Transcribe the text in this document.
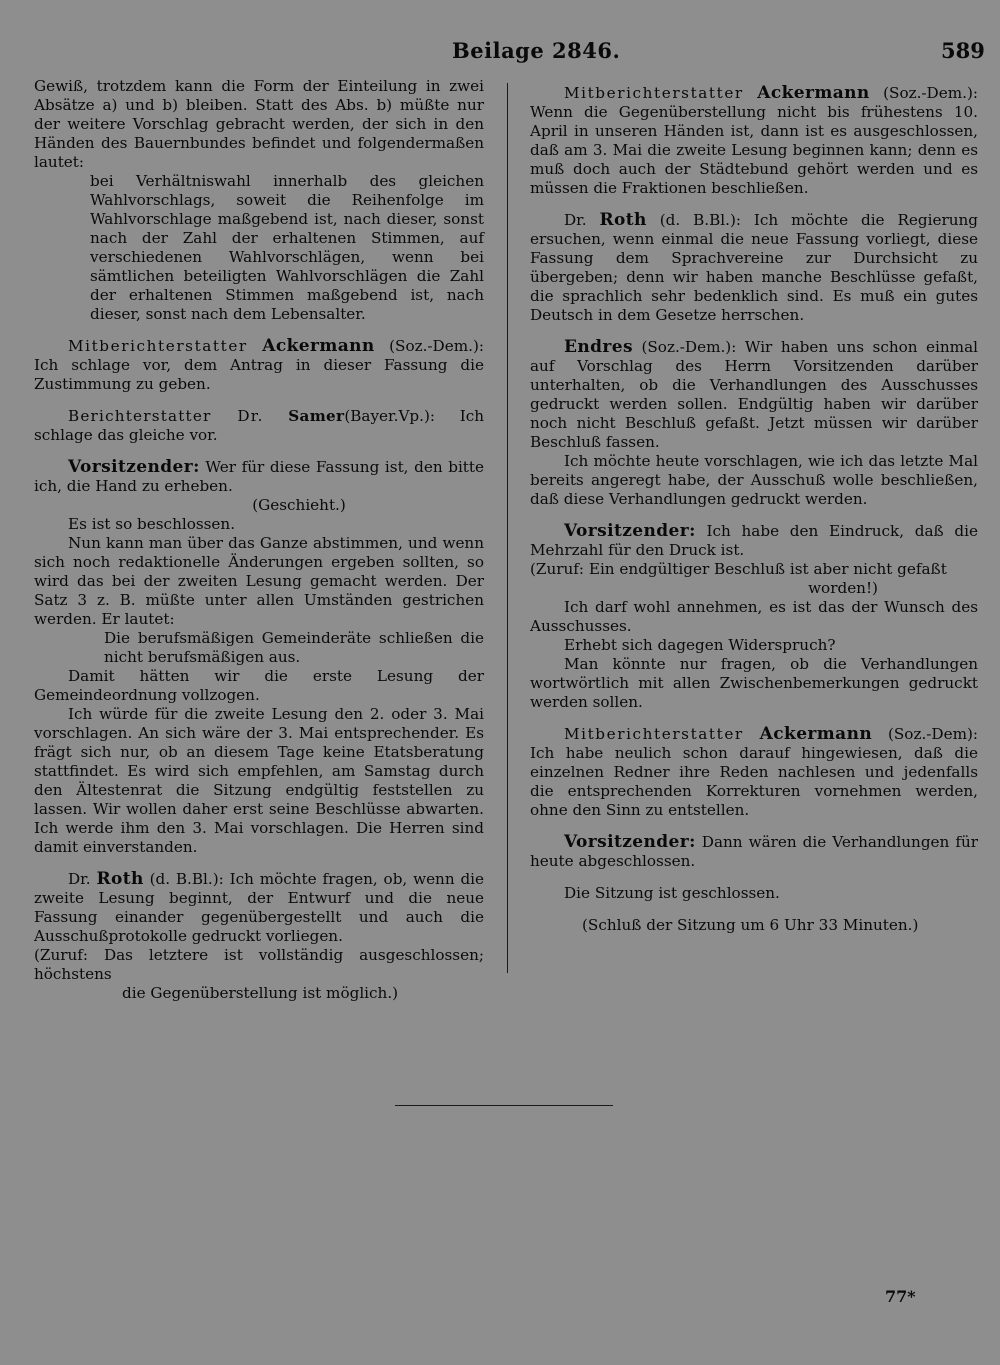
Beilage 2846.	589

Gewiß, trotzdem kann die Form der Einteilung in zwei Absätze a) und b) bleiben. Statt des Abs. b) müßte nur der weitere Vorschlag gebracht werden, der sich in den Händen des Bauernbundes befindet und folgendermaßen lautet:

bei Verhältniswahl innerhalb des gleichen Wahlvorschlags, soweit die Reihenfolge im Wahlvorschlage maßgebend ist, nach dieser, sonst nach der Zahl der erhaltenen Stimmen, auf verschiedenen Wahlvorschlägen, wenn bei sämtlichen beteiligten Wahlvorschlägen die Zahl der erhaltenen Stimmen maßgebend ist, nach dieser, sonst nach dem Lebensalter.

Mitberichterstatter Ackermann (Soz.-Dem.): Ich schlage vor, dem Antrag in dieser Fassung die Zustimmung zu geben.

Berichterstatter Dr. Samer(Bayer.Vp.): Ich schlage das gleiche vor.

Vorsitzender: Wer für diese Fassung ist, den bitte ich, die Hand zu erheben.

(Geschieht.)

Es ist so beschlossen.

Nun kann man über das Ganze abstimmen, und wenn sich noch redaktionelle Änderungen ergeben sollten, so wird das bei der zweiten Lesung gemacht werden. Der Satz 3 z. B. müßte unter allen Umständen gestrichen werden. Er lautet:

Die berufsmäßigen Gemeinderäte schließen die nicht berufsmäßigen aus.

Damit hätten wir die erste Lesung der Gemeindeordnung vollzogen.

Ich würde für die zweite Lesung den 2. oder 3. Mai vorschlagen. An sich wäre der 3. Mai entsprechender. Es frägt sich nur, ob an diesem Tage keine Etatsberatung stattfindet. Es wird sich empfehlen, am Samstag durch den Ältestenrat die Sitzung endgültig feststellen zu lassen. Wir wollen daher erst seine Beschlüsse abwarten. Ich werde ihm den 3. Mai vorschlagen. Die Herren sind damit einverstanden.

Dr. Roth (d. B.Bl.): Ich möchte fragen, ob, wenn die zweite Lesung beginnt, der Entwurf und die neue Fassung einander gegenübergestellt und auch die Ausschußprotokolle gedruckt vorliegen.

(Zuruf: Das letztere ist vollständig ausgeschlossen; höchstens

die Gegenüberstellung ist möglich.)

Mitberichterstatter Ackermann (Soz.-Dem.): Wenn die Gegenüberstellung nicht bis frühestens 10. April in unseren Händen ist, dann ist es ausgeschlossen, daß am 3. Mai die zweite Lesung beginnen kann; denn es muß doch auch der Städtebund gehört werden und es müssen die Fraktionen beschließen.

Dr. Roth (d. B.Bl.): Ich möchte die Regierung ersuchen, wenn einmal die neue Fassung vorliegt, diese Fassung dem Sprachvereine zur Durchsicht zu übergeben; denn wir haben manche Beschlüsse gefaßt, die sprachlich sehr bedenklich sind. Es muß ein gutes Deutsch in dem Gesetze herrschen.

Endres (Soz.-Dem.): Wir haben uns schon einmal auf Vorschlag des Herrn Vorsitzenden darüber unterhalten, ob die Verhandlungen des Ausschusses gedruckt werden sollen. Endgültig haben wir darüber noch nicht Beschluß gefaßt. Jetzt müssen wir darüber Beschluß fassen.

Ich möchte heute vorschlagen, wie ich das letzte Mal bereits angeregt habe, der Ausschuß wolle beschließen, daß diese Verhandlungen gedruckt werden.

Vorsitzender: Ich habe den Eindruck, daß die Mehrzahl für den Druck ist.

(Zuruf: Ein endgültiger Beschluß ist aber nicht gefaßt

worden!)

Ich darf wohl annehmen, es ist das der Wunsch des Ausschusses.

Erhebt sich dagegen Widerspruch?

Man könnte nur fragen, ob die Verhandlungen wortwörtlich mit allen Zwischenbemerkungen gedruckt werden sollen.

Mitberichterstatter Ackermann (Soz.-Dem): Ich habe neulich schon darauf hingewiesen, daß die einzelnen Redner ihre Reden nachlesen und jedenfalls die entsprechenden Korrekturen vornehmen werden, ohne den Sinn zu entstellen.

Vorsitzender: Dann wären die Verhandlungen für heute abgeschlossen.

Die Sitzung ist geschlossen.

(Schluß der Sitzung um 6 Uhr 33 Minuten.)

77*
